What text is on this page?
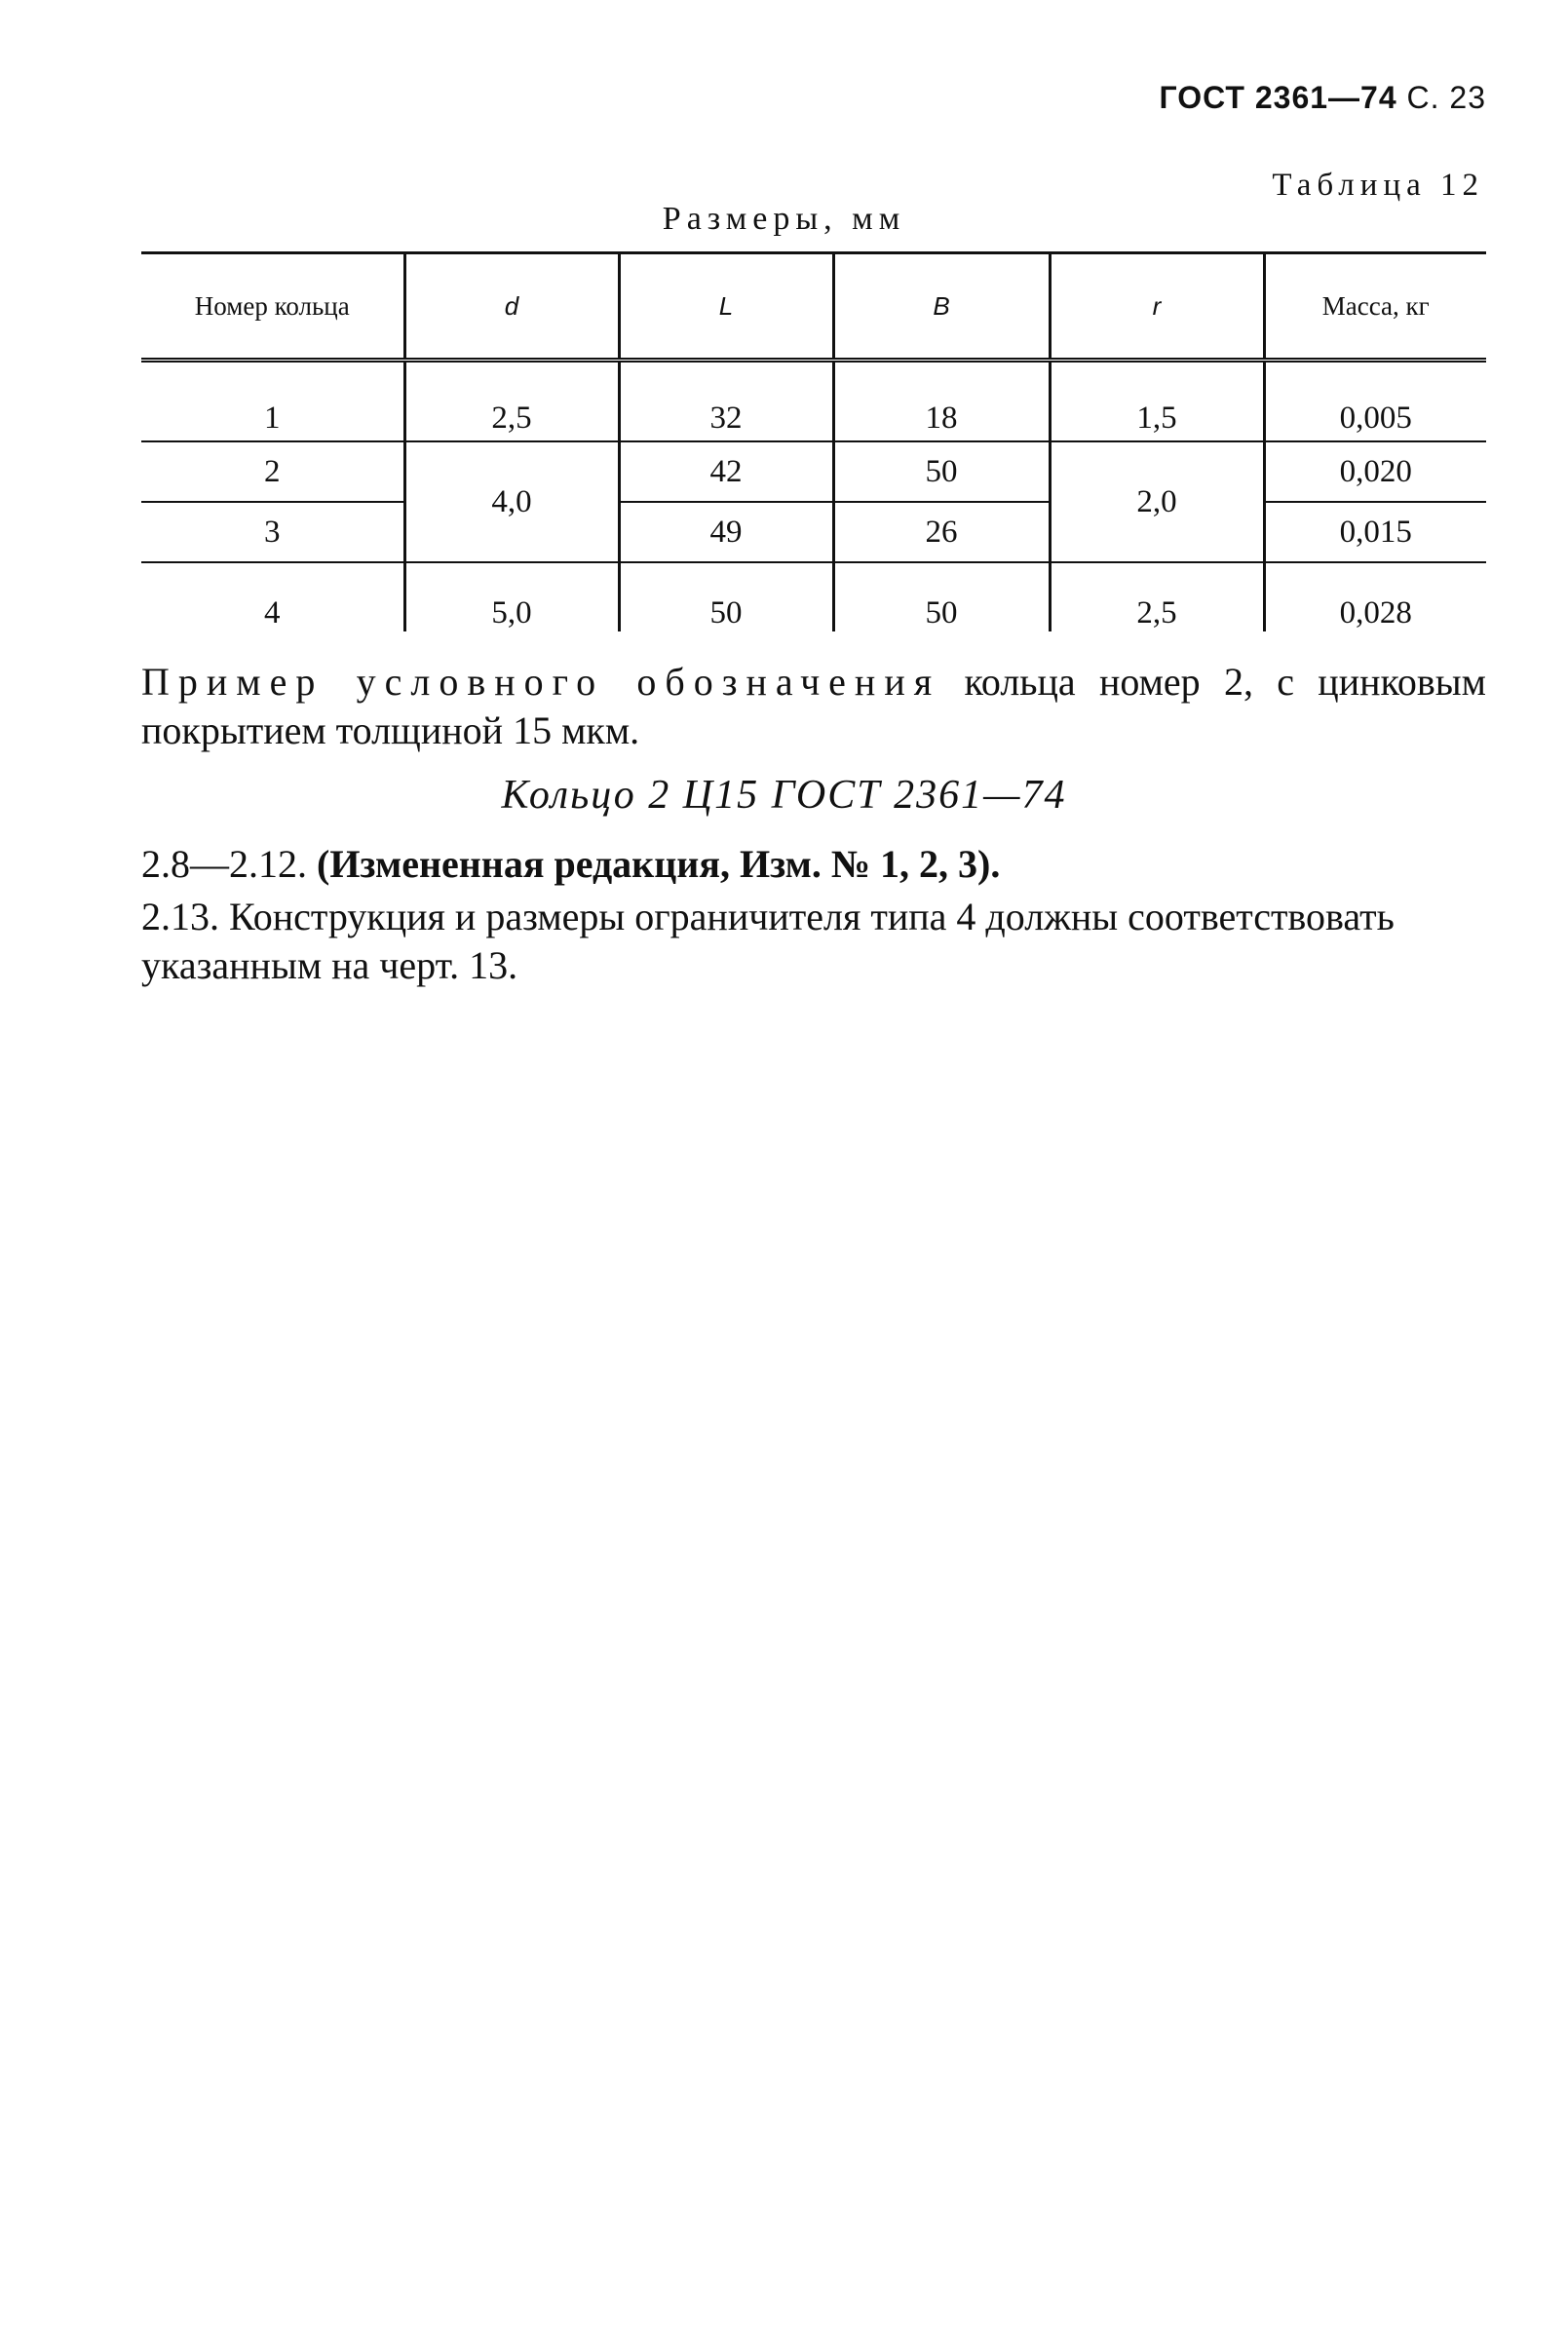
ГОСТ 2361—74 С. 23
Таблица 12
Размеры, мм
Номер кольца	d	L	B	r	Масса, кг
1	2,5	32	18	1,5	0,005
2	4,0	42	50	2,0	0,020
3		49	26		0,015
4	5,0	50	50	2,5	0,028
Пример условного обозначения кольца номер 2, с цинковым покрытием толщиной 15 мкм.
Кольцо 2 Ц15 ГОСТ 2361—74
2.8—2.12. (Измененная редакция, Изм. № 1, 2, 3).
2.13. Конструкция и размеры ограничителя типа 4 должны соответствовать указанным на черт. 13.
